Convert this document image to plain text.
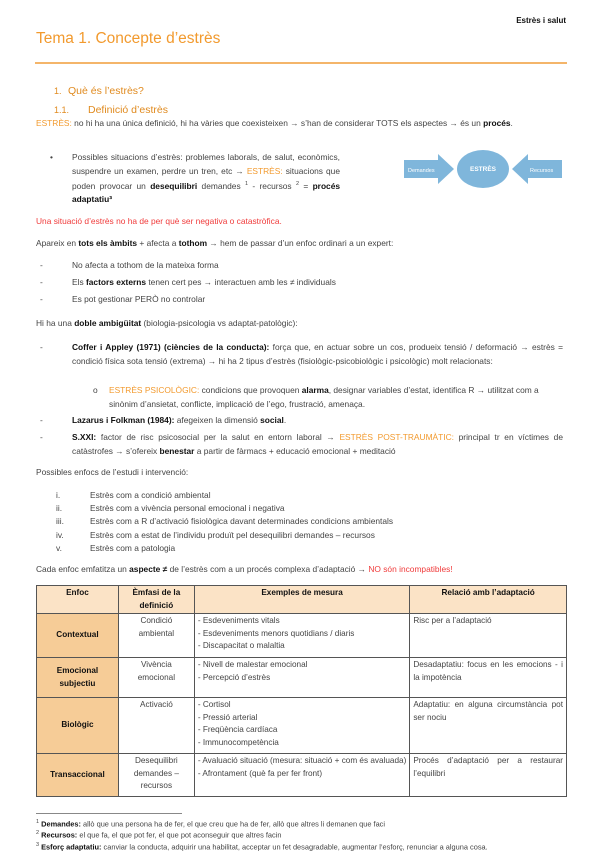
Estrès i salut
Tema 1. Concepte d’estrès
1. Què és l’estrès?
1.1. Definició d’estrès
ESTRÈS: no hi ha una única definició, hi ha vàries que coexisteixen → s’han de considerar TOTS els aspectes → és un procés.
• Possibles situacions d’estrès: problemes laborals, de salut, econòmics, suspendre un examen, perdre un tren, etc → ESTRÈS: situacions que poden provocar un desequilibri demandes $^1$ - recursos $^2$ = procés adaptatiu³
Demandes	ESTRÈS	Recursos
Una situació d’estrès no ha de per què ser negativa o catastròfica.
Apareix en tots els àmbits + afecta a tothom → hem de passar d’un enfoc ordinari a un expert:
-	No afecta a tothom de la mateixa forma
-	Els factors externs tenen cert pes → interactuen amb les ≠ individuals
-	Es pot gestionar PERÒ no controlar
Hi ha una doble ambigüitat (biologia-psicologia vs adaptat-patològic):
-	Coffer i Appley (1971) (ciències de la conducta): força que, en actuar sobre un cos, produeix tensió / deformació → estrès = condició física sota tensió (extrema) → hi ha 2 tipus d’estrès (fisiològic-psicobiològic i psicològic) molt relacionats:
o ESTRÈS PSICOLÒGIC: condicions que provoquen alarma, designar variables d’estat, identifica R → utilitzat com a sinònim d’ansietat, conflicte, implicació de l’ego, frustració, amenaça.
-	Lazarus i Folkman (1984): afegeixen la dimensió social.
-	S.XXI: factor de risc psicosocial per la salut en entorn laboral → ESTRÈS POST-TRAUMÀTIC: principal tr en víctimes de catàstrofes → s’ofereix benestar a partir de fàrmacs + educació emocional + meditació
Possibles enfocs de l’estudi i intervenció:
i.	Estrès com a condició ambiental
ii.	Estrès com a vivència personal emocional i negativa
iii.	Estrès com a R d’activació fisiològica davant determinades condicions ambientals
iv.	Estrès com a estat de l’individu produït pel desequilibri demandes – recursos
v.	Estrès com a patologia
Cada enfoc emfatitza un aspecte ≠ de l’estrès com a un procés complexa d’adaptació → NO són incompatibles!
Enfoc	Èmfasi de la definició	Exemples de mesura	Relació amb l’adaptació
Contextual	Condició ambiental	- Esdeveniments vitals
- Esdeveniments menors quotidians / diaris
- Discapacitat o malaltia	Risc per a l’adaptació
Emocional subjectiu	Vivència emocional	- Nivell de malestar emocional
- Percepció d’estrès	Desadaptatiu: focus en les emocions - i la impotència
Biològic	Activació	- Cortisol
- Pressió arterial
- Freqüència cardíaca
- Immunocompetència	Adaptatiu: en alguna circumstància pot ser nociu
Transaccional	Desequilibri demandes – recursos	- Avaluació situació (mesura: situació + com és avaluada)
- Afrontament (què fa per fer front)	Procés d’adaptació per a restaurar l’equilibri
$^1$ Demandes: allò que una persona ha de fer, el que creu que ha de fer, allò que altres li demanen que faci
$^2$ Recursos: el que fa, el que pot fer, el que pot aconseguir que altres facin
$^3$ Esforç adaptatiu: canviar la conducta, adquirir una habilitat, acceptar un fet desagradable, augmentar l’esforç, renunciar a alguna cosa.
